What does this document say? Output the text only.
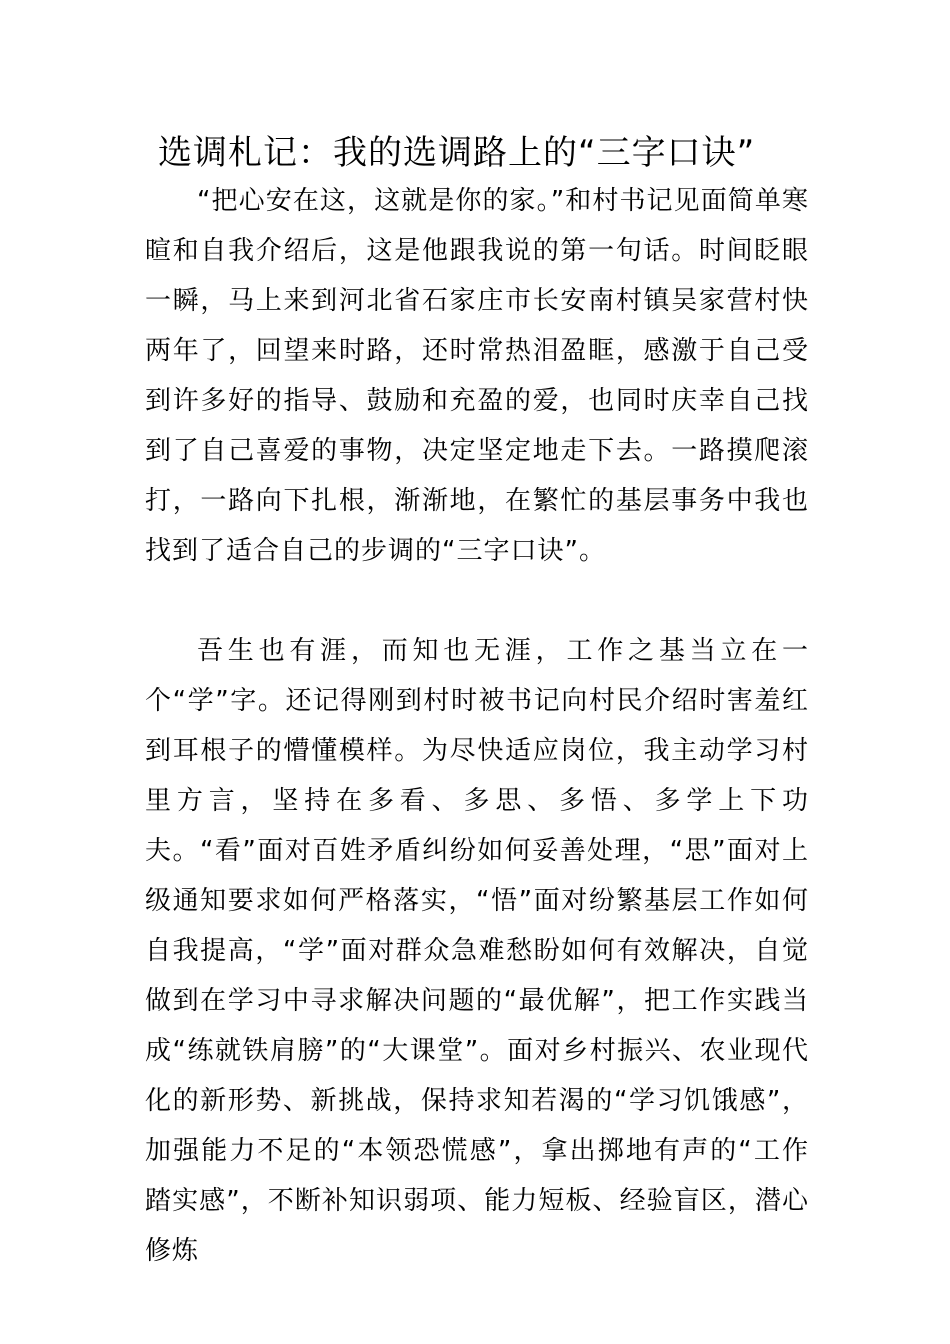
选调札记：我的选调路上的“三字口诀”

“把心安在这，这就是你的家。”和村书记见面简单寒暄和自我介绍后，这是他跟我说的第一句话。时间眨眼一瞬，马上来到河北省石家庄市长安南村镇吴家营村快两年了，回望来时路，还时常热泪盈眶，感激于自己受到许多好的指导、鼓励和充盈的爱，也同时庆幸自己找到了自己喜爱的事物，决定坚定地走下去。一路摸爬滚打，一路向下扎根，渐渐地，在繁忙的基层事务中我也找到了适合自己的步调的“三字口诀”。

吾生也有涯，而知也无涯，工作之基当立在一个“学”字。还记得刚到村时被书记向村民介绍时害羞红到耳根子的懵懂模样。为尽快适应岗位，我主动学习村里方言，坚持在多看、多思、多悟、多学上下功夫。“看”面对百姓矛盾纠纷如何妥善处理，“思”面对上级通知要求如何严格落实，“悟”面对纷繁基层工作如何自我提高，“学”面对群众急难愁盼如何有效解决，自觉做到在学习中寻求解决问题的“最优解”，把工作实践当成“练就铁肩膀”的“大课堂”。面对乡村振兴、农业现代化的新形势、新挑战，保持求知若渴的“学习饥饿感”，加强能力不足的“本领恐慌感”，拿出掷地有声的“工作踏实感”，不断补知识弱项、能力短板、经验盲区，潜心修炼
